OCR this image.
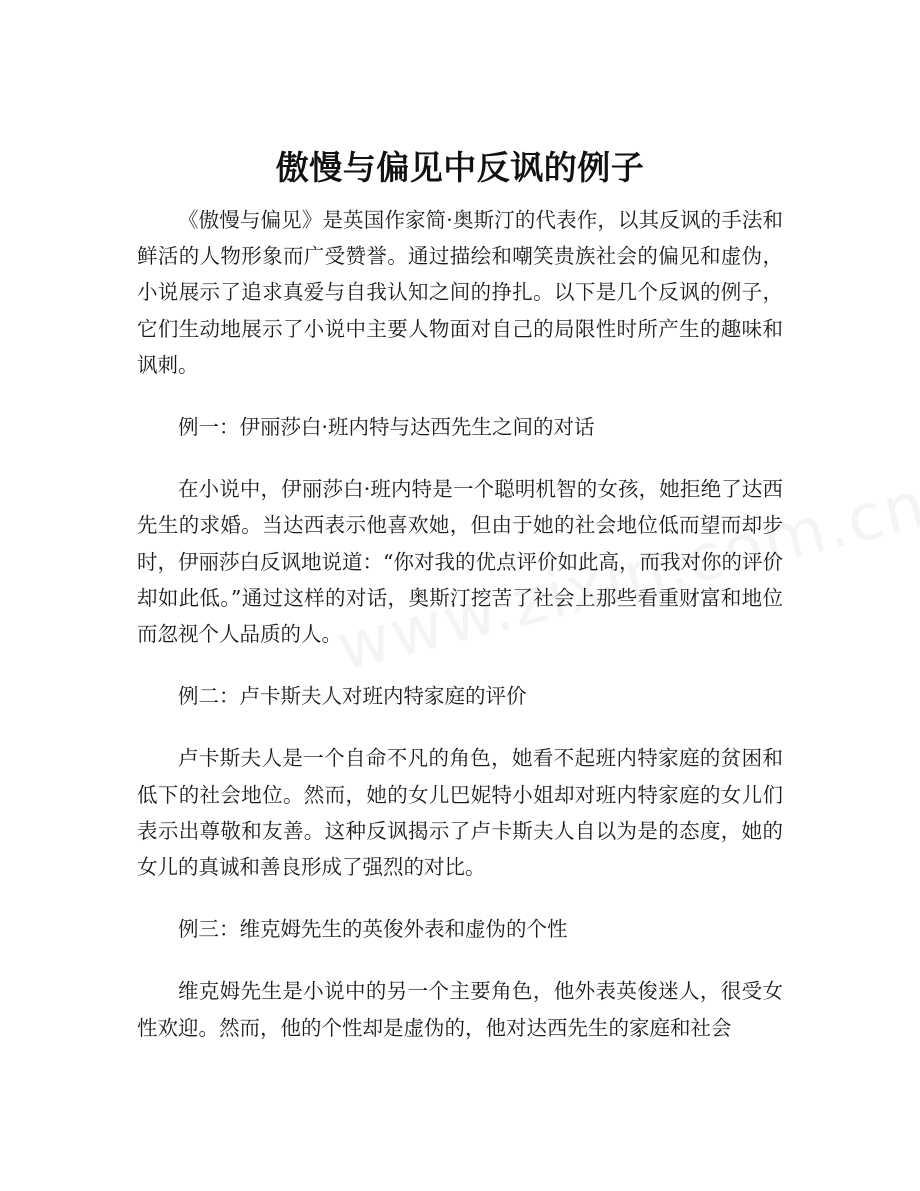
傲慢与偏见中反讽的例子

《傲慢与偏见》是英国作家简·奥斯汀的代表作，以其反讽的手法和鲜活的人物形象而广受赞誉。通过描绘和嘲笑贵族社会的偏见和虚伪，小说展示了追求真爱与自我认知之间的挣扎。以下是几个反讽的例子，它们生动地展示了小说中主要人物面对自己的局限性时所产生的趣味和讽刺。

例一：伊丽莎白·班内特与达西先生之间的对话

在小说中，伊丽莎白·班内特是一个聪明机智的女孩，她拒绝了达西先生的求婚。当达西表示他喜欢她，但由于她的社会地位低而望而却步时，伊丽莎白反讽地说道：“你对我的优点评价如此高，而我对你的评价却如此低。”通过这样的对话，奥斯汀挖苦了社会上那些看重财富和地位而忽视个人品质的人。

例二：卢卡斯夫人对班内特家庭的评价

卢卡斯夫人是一个自命不凡的角色，她看不起班内特家庭的贫困和低下的社会地位。然而，她的女儿巴妮特小姐却对班内特家庭的女儿们表示出尊敬和友善。这种反讽揭示了卢卡斯夫人自以为是的态度，她的女儿的真诚和善良形成了强烈的对比。

例三：维克姆先生的英俊外表和虚伪的个性

维克姆先生是小说中的另一个主要角色，他外表英俊迷人，很受女性欢迎。然而，他的个性却是虚伪的，他对达西先生的家庭和社会
